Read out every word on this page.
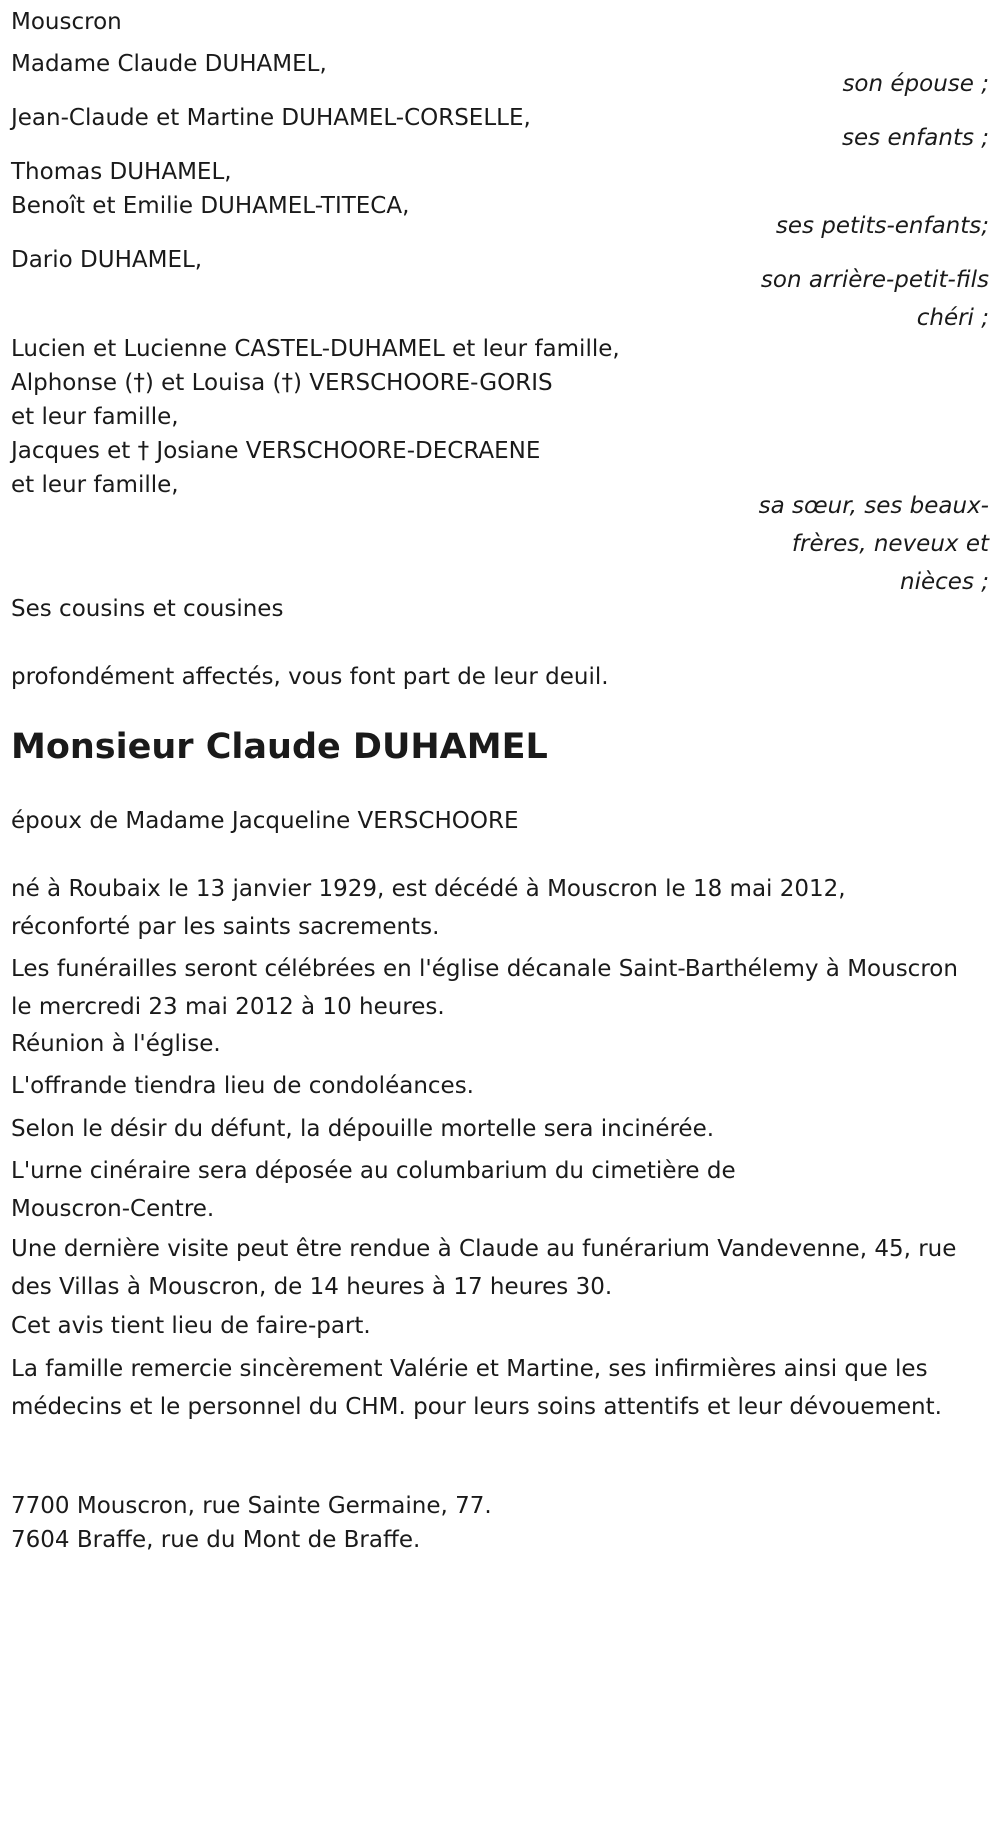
Mouscron
Madame Claude DUHAMEL,
son épouse ;
Jean-Claude et Martine DUHAMEL-CORSELLE,
ses enfants ;
Thomas DUHAMEL,
Benoît et Emilie DUHAMEL-TITECA,
ses petits-enfants;
Dario DUHAMEL,
son arrière-petit-fils chéri ;
Lucien et Lucienne CASTEL-DUHAMEL et leur famille,
Alphonse (†) et Louisa (†) VERSCHOORE-GORIS
et leur famille,
Jacques et † Josiane VERSCHOORE-DECRAENE
et leur famille,
sa sœur, ses beaux-frères, neveux et nièces ;
Ses cousins et cousines
profondément affectés, vous font part de leur deuil.
Monsieur Claude DUHAMEL
époux de Madame Jacqueline VERSCHOORE
né à Roubaix le 13 janvier 1929, est décédé à Mouscron le 18 mai 2012, réconforté par les saints sacrements.
Les funérailles seront célébrées en l'église décanale Saint-Barthélemy à Mouscron le mercredi 23 mai 2012 à 10 heures.
Réunion à l'église.
L'offrande tiendra lieu de condoléances.
Selon le désir du défunt, la dépouille mortelle sera incinérée.
L'urne cinéraire sera déposée au columbarium du cimetière de Mouscron-Centre.
Une dernière visite peut être rendue à Claude au funérarium Vandevenne, 45, rue des Villas à Mouscron, de 14 heures à 17 heures 30.
Cet avis tient lieu de faire-part.
La famille remercie sincèrement Valérie et Martine, ses infirmières ainsi que les médecins et le personnel du CHM. pour leurs soins attentifs et leur dévouement.
7700 Mouscron, rue Sainte Germaine, 77.
7604 Braffe, rue du Mont de Braffe.
